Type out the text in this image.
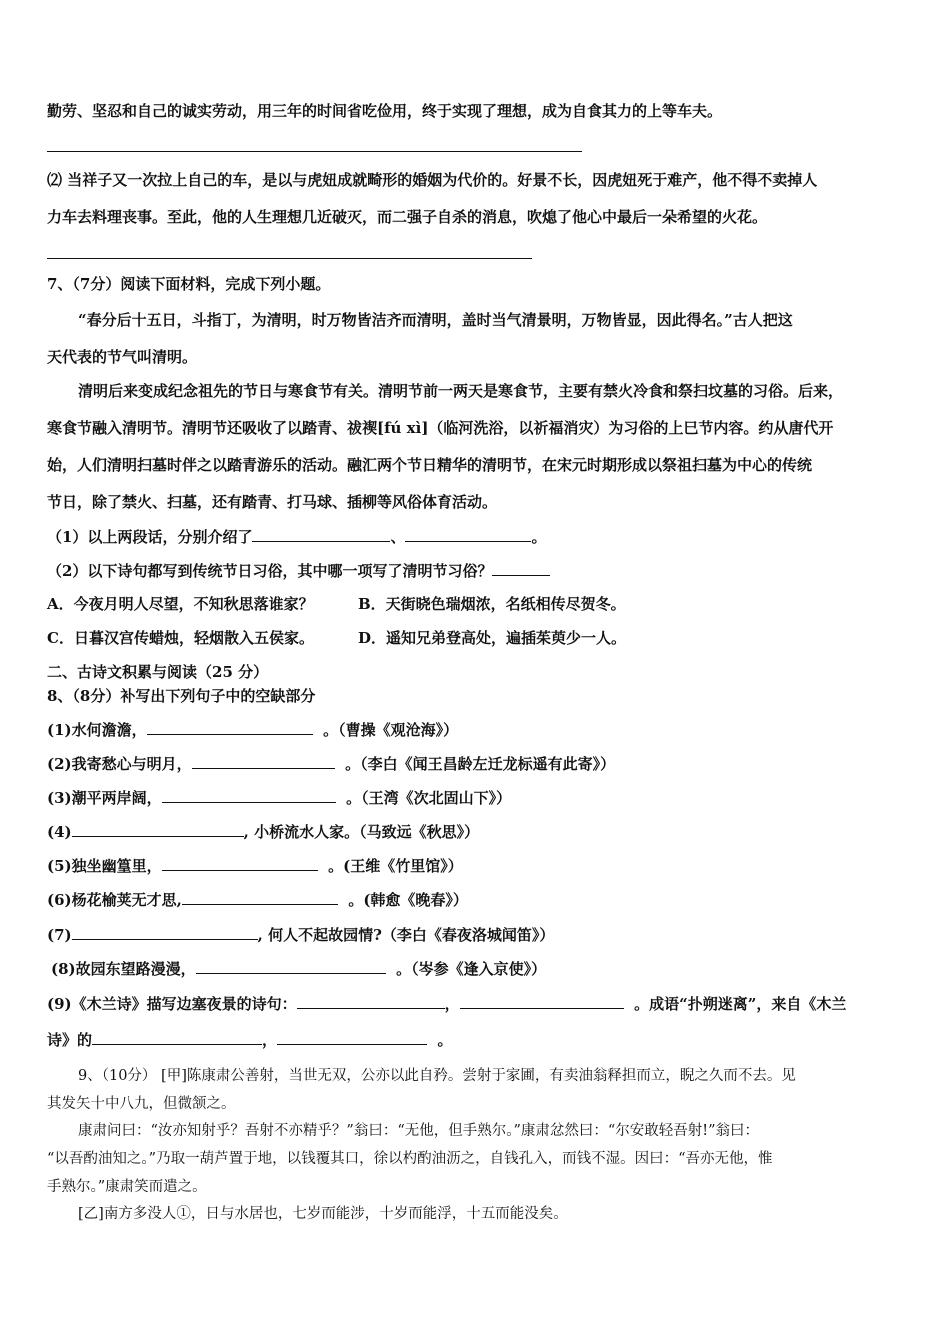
勤劳、坚忍和自己的诚实劳动，用三年的时间省吃俭用，终于实现了理想，成为自食其力的上等车夫。
⑵ 当祥子又一次拉上自己的车，是以与虎妞成就畸形的婚姻为代价的。好景不长，因虎妞死于难产，他不得不卖掉人
力车去料理丧事。至此，他的人生理想几近破灭，而二强子自杀的消息，吹熄了他心中最后一朵希望的火花。
7、（7分）阅读下面材料，完成下列小题。
“春分后十五日，斗指丁，为清明，时万物皆洁齐而清明，盖时当气清景明，万物皆显，因此得名。”古人把这
天代表的节气叫清明。
清明后来变成纪念祖先的节日与寒食节有关。清明节前一两天是寒食节，主要有禁火冷食和祭扫坟墓的习俗。后来，
寒食节融入清明节。清明节还吸收了以踏青、祓禊[fú xì]（临河洗浴，以祈福消灾）为习俗的上巳节内容。约从唐代开
始，人们清明扫墓时伴之以踏青游乐的活动。融汇两个节日精华的清明节，在宋元时期形成以祭祖扫墓为中心的传统
节日，除了禁火、扫墓，还有踏青、打马球、插柳等风俗体育活动。
（1）以上两段话，分别介绍了	、	。
（2）以下诗句都写到传统节日习俗，其中哪一项写了清明节习俗？
A．今夜月明人尽望，不知秋思落谁家？	B．天街晓色瑞烟浓，名纸相传尽贺冬。
C．日暮汉宫传蜡烛，轻烟散入五侯家。	D．遥知兄弟登高处，遍插茱萸少一人。
二、古诗文积累与阅读（25 分）
8、（8分）补写出下列句子中的空缺部分
(1)水何澹澹，	。（曹操《观沧海》）
(2)我寄愁心与明月，	。（李白《闻王昌龄左迁龙标遥有此寄》）
(3)潮平两岸阔，	。（王湾《次北固山下》）
(4)	, 小桥流水人家。（马致远《秋思》）
(5)独坐幽篁里，	。(王维《竹里馆》）
(6)杨花榆荚无才思,	。(韩愈《晚春》）
(7)	, 何人不起故园情?（李白《春夜洛城闻笛》）
(8)故园东望路漫漫，	。（岑参《逢入京使》）
(9)《木兰诗》描写边塞夜景的诗句：	，	。成语“扑朔迷离”，来自《木兰
诗》的	，	。
9、（10分） [甲]陈康肃公善射，当世无双，公亦以此自矜。尝射于家圃，有卖油翁释担而立，睨之久而不去。见
其发矢十中八九，但微颔之。
康肃问曰：“汝亦知射乎？吾射不亦精乎？”翁曰：“无他，但手熟尔。”康肃忿然曰：“尔安敢轻吾射!”翁曰：
“以吾酌油知之。”乃取一葫芦置于地，以钱覆其口，徐以杓酌油沥之，自钱孔入，而钱不湿。因曰：“吾亦无他，惟
手熟尔。”康肃笑而遣之。
[乙]南方多没人①，日与水居也，七岁而能涉，十岁而能浮，十五而能没矣。
